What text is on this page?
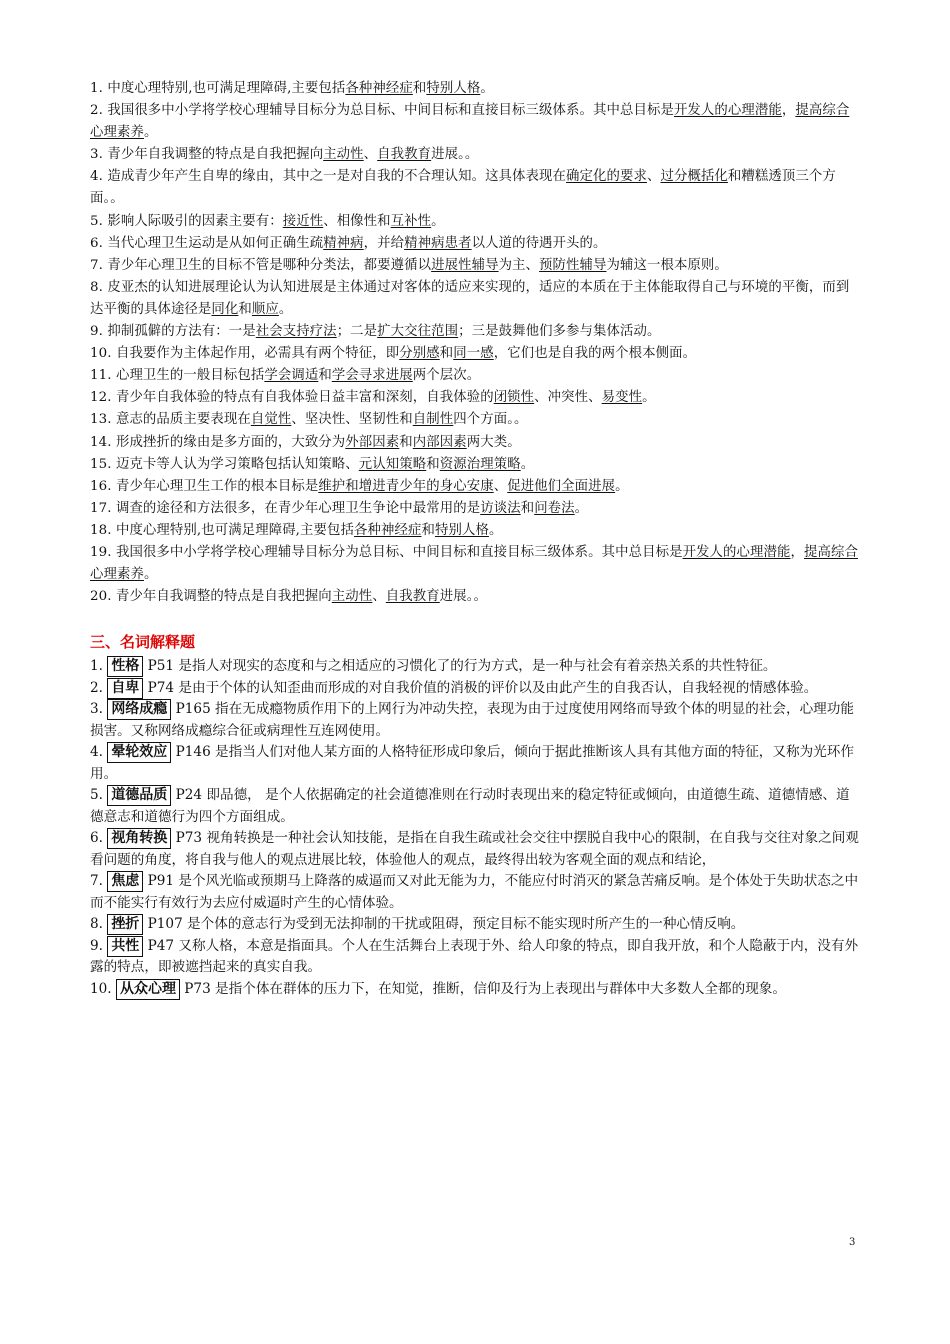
1. 中度心理特别,也可满足理障碍,主要包括各种神经症和特别人格。

2. 我国很多中小学将学校心理辅导目标分为总目标、中间目标和直接目标三级体系。其中总目标是开发人的心理潜能，提高综合心理素养。

3. 青少年自我调整的特点是自我把握向主动性、自我教育进展。。

4. 造成青少年产生自卑的缘由，其中之一是对自我的不合理认知。这具体表现在确定化的要求、过分概括化和糟糕透顶三个方面。。

5. 影响人际吸引的因素主要有：接近性、相像性和互补性。

6. 当代心理卫生运动是从如何正确生疏精神病，并给精神病患者以人道的待遇开头的。

7. 青少年心理卫生的目标不管是哪种分类法，都要遵循以进展性辅导为主、预防性辅导为辅这一根本原则。

8. 皮亚杰的认知进展理论认为认知进展是主体通过对客体的适应来实现的，适应的本质在于主体能取得自己与环境的平衡，而到达平衡的具体途径是同化和顺应。

9. 抑制孤僻的方法有：一是社会支持疗法；二是扩大交往范围；三是鼓舞他们多参与集体活动。

10. 自我要作为主体起作用，必需具有两个特征，即分别感和同一感，它们也是自我的两个根本侧面。

11. 心理卫生的一般目标包括学会调适和学会寻求进展两个层次。

12. 青少年自我体验的特点有自我体验日益丰富和深刻，自我体验的闭锁性、冲突性、易变性。

13. 意志的品质主要表现在自觉性、坚决性、坚韧性和自制性四个方面。。

14. 形成挫折的缘由是多方面的，大致分为外部因素和内部因素两大类。

15. 迈克卡等人认为学习策略包括认知策略、元认知策略和资源治理策略。

16. 青少年心理卫生工作的根本目标是维护和增进青少年的身心安康、促进他们全面进展。

17. 调查的途径和方法很多，在青少年心理卫生争论中最常用的是访谈法和问卷法。

18. 中度心理特别,也可满足理障碍,主要包括各种神经症和特别人格。

19. 我国很多中小学将学校心理辅导目标分为总目标、中间目标和直接目标三级体系。其中总目标是开发人的心理潜能，提高综合心理素养。

20. 青少年自我调整的特点是自我把握向主动性、自我教育进展。。

三、名词解释题

1. 性格 P51 是指人对现实的态度和与之相适应的习惯化了的行为方式，是一种与社会有着亲热关系的共性特征。

2. 自卑 P74 是由于个体的认知歪曲而形成的对自我价值的消极的评价以及由此产生的自我否认，自我轻视的情感体验。

3. 网络成瘾 P165 指在无成瘾物质作用下的上网行为冲动失控，表现为由于过度使用网络而导致个体的明显的社会，心理功能损害。又称网络成瘾综合征或病理性互连网使用。

4. 晕轮效应 P146 是指当人们对他人某方面的人格特征形成印象后，倾向于据此推断该人具有其他方面的特征，又称为光环作用。

5. 道德品质 P24 即品德， 是个人依据确定的社会道德准则在行动时表现出来的稳定特征或倾向，由道德生疏、道德情感、道德意志和道德行为四个方面组成。

6. 视角转换 P73 视角转换是一种社会认知技能，是指在自我生疏或社会交往中摆脱自我中心的限制，在自我与交往对象之间观看问题的角度，将自我与他人的观点进展比较，体验他人的观点，最终得出较为客观全面的观点和结论，

7. 焦虑 P91 是个风光临或预期马上降落的威逼而又对此无能为力，不能应付时消灭的紧急苦痛反响。是个体处于失助状态之中而不能实行有效行为去应付威逼时产生的心情体验。

8. 挫折 P107 是个体的意志行为受到无法抑制的干扰或阻碍，预定目标不能实现时所产生的一种心情反响。

9. 共性 P47 又称人格，本意是指面具。个人在生活舞台上表现于外、给人印象的特点，即自我开放，和个人隐蔽于内，没有外露的特点，即被遮挡起来的真实自我。

10. 从众心理 P73 是指个体在群体的压力下，在知觉，推断，信仰及行为上表现出与群体中大多数人全都的现象。

3
